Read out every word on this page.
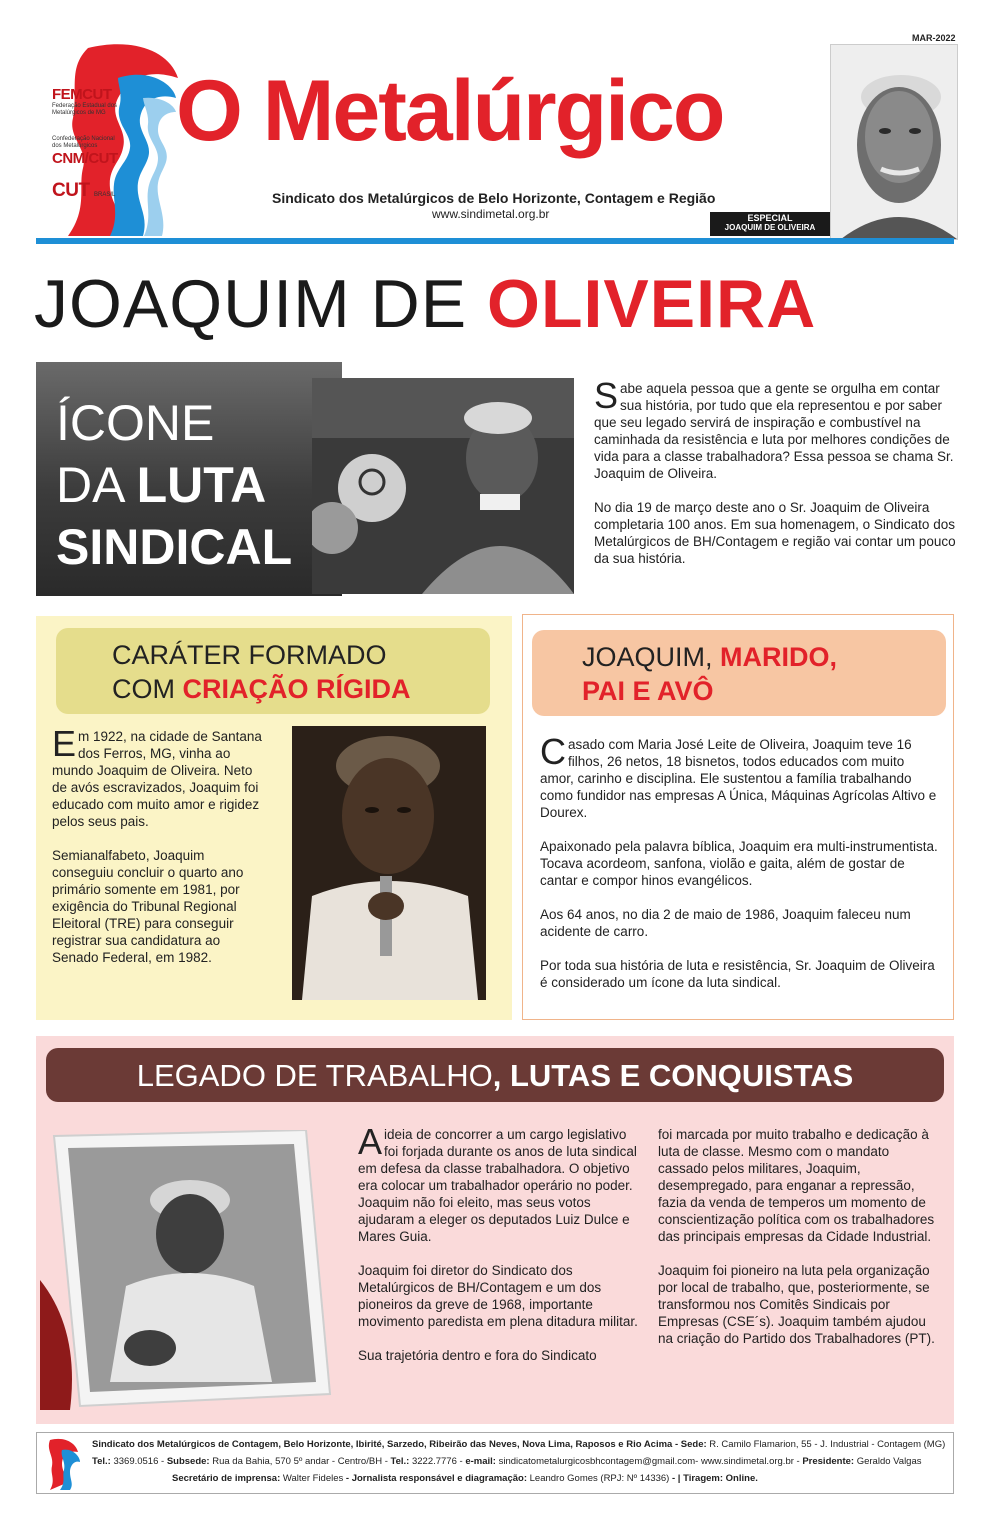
FEMCUT
Federação Estadual dos Metalúrgicos de MG
Confederação Nacional dos Metalúrgicos
CNM/CUT
CUT BRASIL
O Metalúrgico
Sindicato dos Metalúrgicos de Belo Horizonte, Contagem e Região
www.sindimetal.org.br
MAR-2022
ESPECIAL
JOAQUIM DE OLIVEIRA
JOAQUIM DE OLIVEIRA
ÍCONE
DA LUTA
SINDICAL

Sabe aquela pessoa que a gente se orgulha em contar sua história, por tudo que ela representou e por saber que seu legado servirá de inspiração e combustível na caminhada da resistência e luta por melhores condições de vida para a classe trabalhadora? Essa pessoa se chama Sr. Joaquim de Oliveira.

No dia 19 de março deste ano o Sr. Joaquim de Oliveira completaria 100 anos. Em sua homenagem, o Sindicato dos Metalúrgicos de BH/Contagem e região vai contar um pouco da sua história.

CARÁTER FORMADO
COM CRIAÇÃO RÍGIDA

Em 1922, na cidade de Santana dos Ferros, MG, vinha ao mundo Joaquim de Oliveira. Neto de avós escravizados, Joaquim foi educado com muito amor e rigidez pelos seus pais.

Semianalfabeto, Joaquim conseguiu concluir o quarto ano primário somente em 1981, por exigência do Tribunal Regional Eleitoral (TRE) para conseguir registrar sua candidatura ao Senado Federal, em 1982.

JOAQUIM, MARIDO,
PAI E AVÔ

Casado com Maria José Leite de Oliveira, Joaquim teve 16 filhos, 26 netos, 18 bisnetos, todos educados com muito amor, carinho e disciplina. Ele sustentou a família trabalhando como fundidor nas empresas A Única, Máquinas Agrícolas Altivo e Dourex.

Apaixonado pela palavra bíblica, Joaquim era multi-instrumentista. Tocava acordeom, sanfona, violão e gaita, além de gostar de cantar e compor hinos evangélicos.

Aos 64 anos, no dia 2 de maio de 1986, Joaquim faleceu num acidente de carro.

Por toda sua história de luta e resistência, Sr. Joaquim de Oliveira é considerado um ícone da luta sindical.

LEGADO DE TRABALHO, LUTAS E CONQUISTAS

A ideia de concorrer a um cargo legislativo foi forjada durante os anos de luta sindical em defesa da classe trabalhadora. O objetivo era colocar um trabalhador operário no poder. Joaquim não foi eleito, mas seus votos ajudaram a eleger os deputados Luiz Dulce e Mares Guia.

Joaquim foi diretor do Sindicato dos Metalúrgicos de BH/Contagem e um dos pioneiros da greve de 1968, importante movimento paredista em plena ditadura militar.

Sua trajetória dentro e fora do Sindicato

foi marcada por muito trabalho e dedicação à luta de classe. Mesmo com o mandato cassado pelos militares, Joaquim, desempregado, para enganar a repressão, fazia da venda de temperos um momento de conscientização política com os trabalhadores das principais empresas da Cidade Industrial.

Joaquim foi pioneiro na luta pela organização por local de trabalho, que, posteriormente, se transformou nos Comitês Sindicais por Empresas (CSE´s). Joaquim também ajudou na criação do Partido dos Trabalhadores (PT).

Sindicato dos Metalúrgicos de Contagem, Belo Horizonte, Ibirité, Sarzedo, Ribeirão das Neves, Nova Lima, Raposos e Rio Acima - Sede: R. Camilo Flamarion, 55 - J. Industrial - Contagem (MG)
Tel.: 3369.0516 - Subsede: Rua da Bahia, 570 5º andar - Centro/BH - Tel.: 3222.7776 - e-mail: sindicatometalurgicosbhcontagem@gmail.com- www.sindimetal.org.br - Presidente: Geraldo Valgas
Secretário de imprensa: Walter Fideles - Jornalista responsável e diagramação: Leandro Gomes (RPJ: Nº 14336) - | Tiragem: Online.
